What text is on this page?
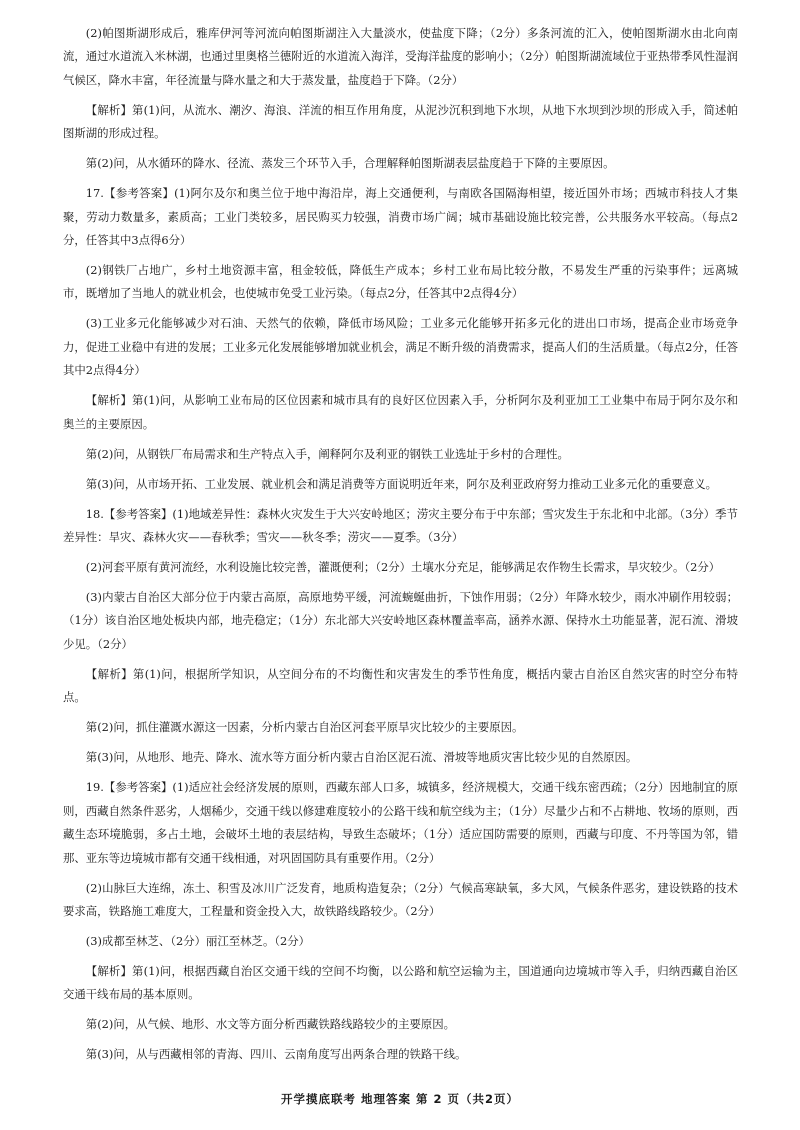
(2)帕图斯湖形成后，雅库伊河等河流向帕图斯湖注入大量淡水，使盐度下降；（2分）多条河流的汇入，使帕图斯湖水由北向南流，通过水道流入米林湖，也通过里奥格兰德附近的水道流入海洋，受海洋盐度的影响小；（2分）帕图斯湖流域位于亚热带季风性湿润气候区，降水丰富，年径流量与降水量之和大于蒸发量，盐度趋于下降。（2分）

【解析】第(1)问，从流水、潮汐、海浪、洋流的相互作用角度，从泥沙沉积到地下水坝，从地下水坝到沙坝的形成入手，简述帕图斯湖的形成过程。

第(2)问，从水循环的降水、径流、蒸发三个环节入手，合理解释帕图斯湖表层盐度趋于下降的主要原因。

17.【参考答案】(1)阿尔及尔和奥兰位于地中海沿岸，海上交通便利，与南欧各国隔海相望，接近国外市场；西城市科技人才集聚，劳动力数量多，素质高；工业门类较多，居民购买力较强，消费市场广阔；城市基础设施比较完善，公共服务水平较高。（每点2分，任答其中3点得6分）

(2)钢铁厂占地广，乡村土地资源丰富，租金较低，降低生产成本；乡村工业布局比较分散，不易发生严重的污染事件；远离城市，既增加了当地人的就业机会，也使城市免受工业污染。（每点2分，任答其中2点得4分）

(3)工业多元化能够减少对石油、天然气的依赖，降低市场风险；工业多元化能够开拓多元化的进出口市场，提高企业市场竞争力，促进工业稳中有进的发展；工业多元化发展能够增加就业机会，满足不断升级的消费需求，提高人们的生活质量。（每点2分，任答其中2点得4分）

【解析】第(1)问，从影响工业布局的区位因素和城市具有的良好区位因素入手，分析阿尔及利亚加工工业集中布局于阿尔及尔和奥兰的主要原因。

第(2)问，从钢铁厂布局需求和生产特点入手，阐释阿尔及利亚的钢铁工业选址于乡村的合理性。

第(3)问，从市场开拓、工业发展、就业机会和满足消费等方面说明近年来，阿尔及利亚政府努力推动工业多元化的重要意义。

18.【参考答案】(1)地域差异性：森林火灾发生于大兴安岭地区；涝灾主要分布于中东部；雪灾发生于东北和中北部。（3分）季节差异性：旱灾、森林火灾——春秋季；雪灾——秋冬季；涝灾——夏季。（3分）

(2)河套平原有黄河流经，水利设施比较完善，灌溉便利；（2分）土壤水分充足，能够满足农作物生长需求，旱灾较少。（2分）

(3)内蒙古自治区大部分位于内蒙古高原，高原地势平缓，河流蜿蜒曲折，下蚀作用弱；（2分）年降水较少，雨水冲刷作用较弱；（1分）该自治区地处板块内部，地壳稳定；（1分）东北部大兴安岭地区森林覆盖率高，涵养水源、保持水土功能显著，泥石流、滑坡少见。（2分）

【解析】第(1)问，根据所学知识，从空间分布的不均衡性和灾害发生的季节性角度，概括内蒙古自治区自然灾害的时空分布特点。

第(2)问，抓住灌溉水源这一因素，分析内蒙古自治区河套平原旱灾比较少的主要原因。

第(3)问，从地形、地壳、降水、流水等方面分析内蒙古自治区泥石流、滑坡等地质灾害比较少见的自然原因。

19.【参考答案】(1)适应社会经济发展的原则，西藏东部人口多，城镇多，经济规模大，交通干线东密西疏；（2分）因地制宜的原则，西藏自然条件恶劣，人烟稀少，交通干线以修建难度较小的公路干线和航空线为主；（1分）尽量少占和不占耕地、牧场的原则，西藏生态环境脆弱，多占土地，会破坏土地的表层结构，导致生态破坏；（1分）适应国防需要的原则，西藏与印度、不丹等国为邻，错那、亚东等边境城市都有交通干线相通，对巩固国防具有重要作用。（2分）

(2)山脉巨大连绵，冻土、积雪及冰川广泛发育，地质构造复杂；（2分）气候高寒缺氧，多大风，气候条件恶劣，建设铁路的技术要求高，铁路施工难度大，工程量和资金投入大，故铁路线路较少。（2分）

(3)成都至林芝、（2分）丽江至林芝。（2分）

【解析】第(1)问，根据西藏自治区交通干线的空间不均衡，以公路和航空运输为主，国道通向边境城市等入手，归纳西藏自治区交通干线布局的基本原则。

第(2)问，从气候、地形、水文等方面分析西藏铁路线路较少的主要原因。

第(3)问，从与西藏相邻的青海、四川、云南角度写出两条合理的铁路干线。

开学摸底联考 地理答案 第 2 页（共2页）
